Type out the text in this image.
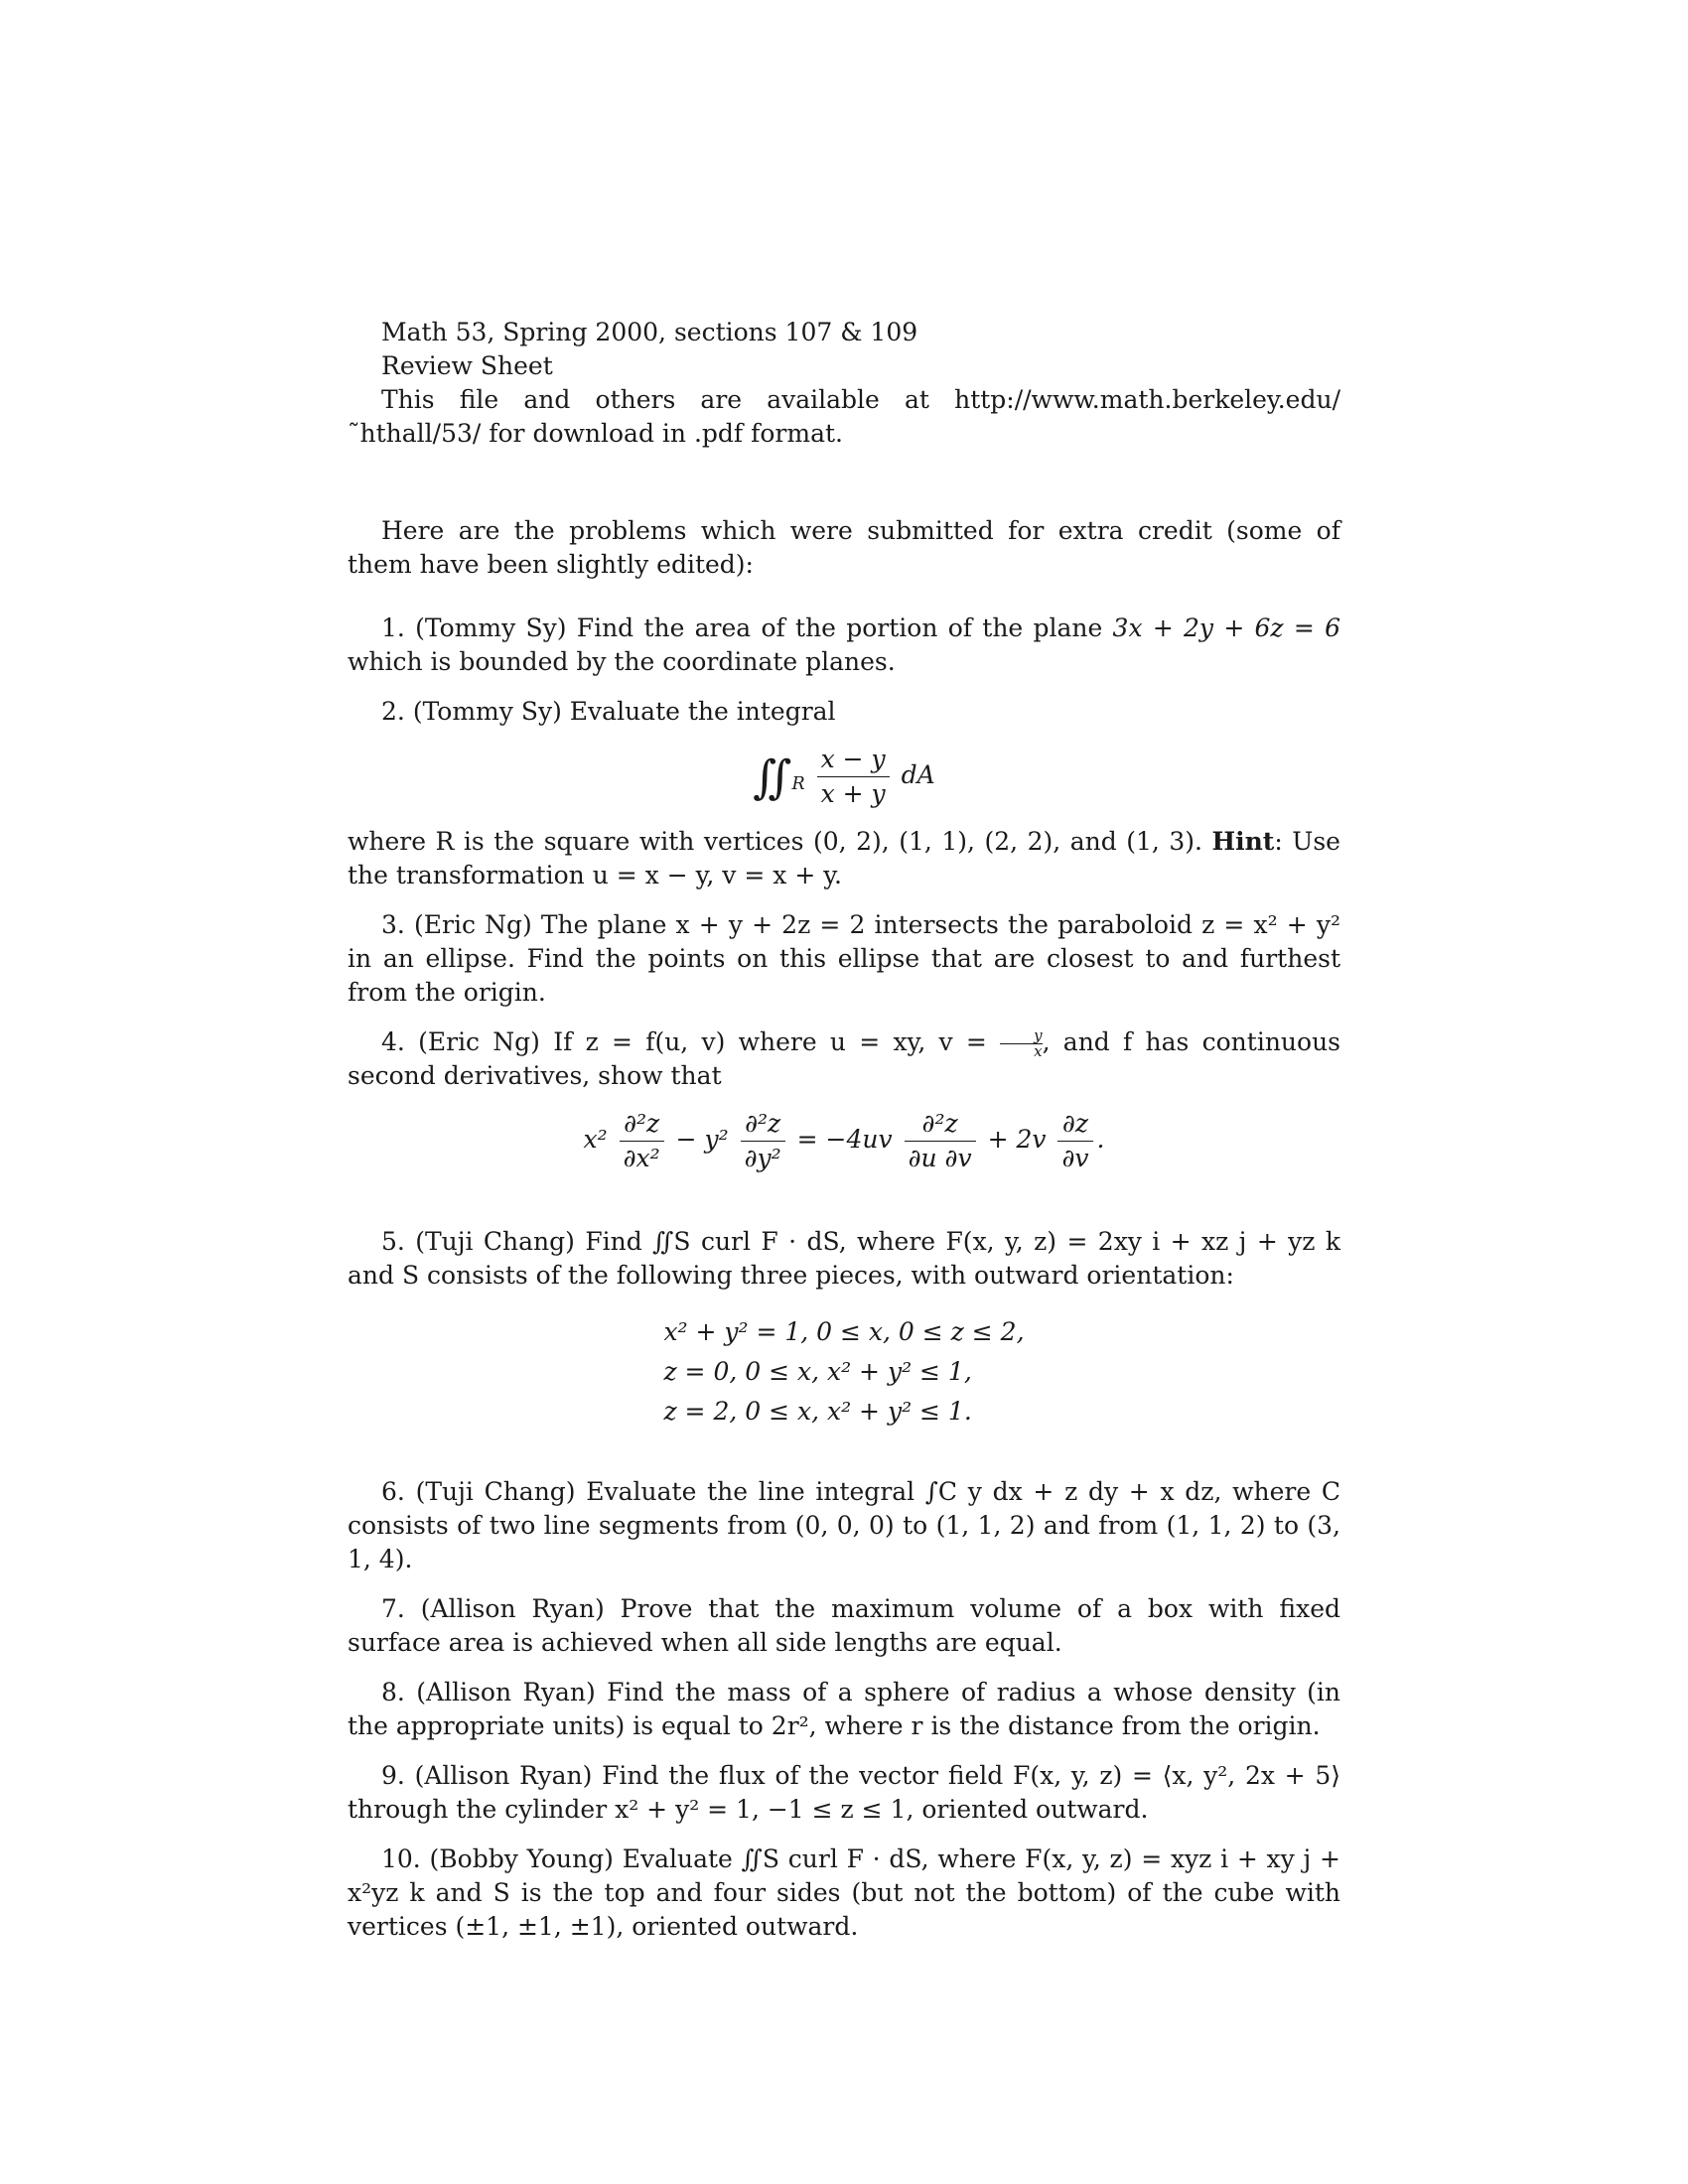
Math 53, Spring 2000, sections 107 & 109

Review Sheet

This file and others are available at http://www.math.berkeley.edu/˜hthall/53/ for download in .pdf format.

Here are the problems which were submitted for extra credit (some of them have been slightly edited):

1. (Tommy Sy) Find the area of the portion of the plane 3x + 2y + 6z = 6 which is bounded by the coordinate planes.

2. (Tommy Sy) Evaluate the integral

$∬_R \frac{x - y}{x + y}$ dA

where R is the square with vertices (0, 2), (1, 1), (2, 2), and (1, 3). Hint: Use the transformation u = x − y, v = x + y.

3. (Eric Ng) The plane x + y + 2z = 2 intersects the paraboloid z = x² + y² in an ellipse. Find the points on this ellipse that are closest to and furthest from the origin.

4. (Eric Ng) If z = f(u, v) where u = xy, $v = \frac{y}{x}$ , and f has continuous second derivatives, show that

$x^2 \frac{\text{∂²z}}{\text{∂x²}} - y^2 \frac{\text{∂²z}}{\text{∂y²}} = -4uv \frac{\text{∂²z}}{\partial u \partial v} + 2v \frac{\partial z}{\partial v}$ .

5. (Tuji Chang) Find ∬S curl F · dS, where F(x, y, z) = 2xy i + xz j + yz k and S consists of the following three pieces, with outward orientation:

x² + y² = 1, 0 ≤ x, 0 ≤ z ≤ 2,
z = 0, 0 ≤ x, x² + y² ≤ 1,
z = 2, 0 ≤ x, x² + y² ≤ 1.

6. (Tuji Chang) Evaluate the line integral ∫C y dx + z dy + x dz, where C consists of two line segments from (0, 0, 0) to (1, 1, 2) and from (1, 1, 2) to (3, 1, 4).

7. (Allison Ryan) Prove that the maximum volume of a box with fixed surface area is achieved when all side lengths are equal.

8. (Allison Ryan) Find the mass of a sphere of radius a whose density (in the appropriate units) is equal to 2r², where r is the distance from the origin.

9. (Allison Ryan) Find the flux of the vector field F(x, y, z) = ⟨x, y², 2x + 5⟩ through the cylinder x² + y² = 1, −1 ≤ z ≤ 1, oriented outward.

10. (Bobby Young) Evaluate ∬S curl F · dS, where F(x, y, z) = xyz i + xy j + x²yz k and S is the top and four sides (but not the bottom) of the cube with vertices (±1, ±1, ±1), oriented outward.
